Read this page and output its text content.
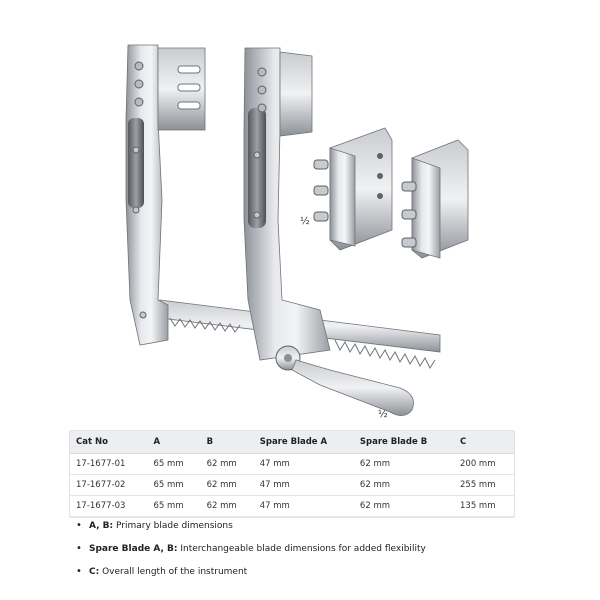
½
½
Cat No	A	B	Spare Blade A	Spare Blade B	C
17-1677-01	65 mm	62 mm	47 mm	62 mm	200 mm
17-1677-02	65 mm	62 mm	47 mm	62 mm	255 mm
17-1677-03	65 mm	62 mm	47 mm	62 mm	135 mm
• A, B: Primary blade dimensions
• Spare Blade A, B: Interchangeable blade dimensions for added flexibility
• C: Overall length of the instrument
